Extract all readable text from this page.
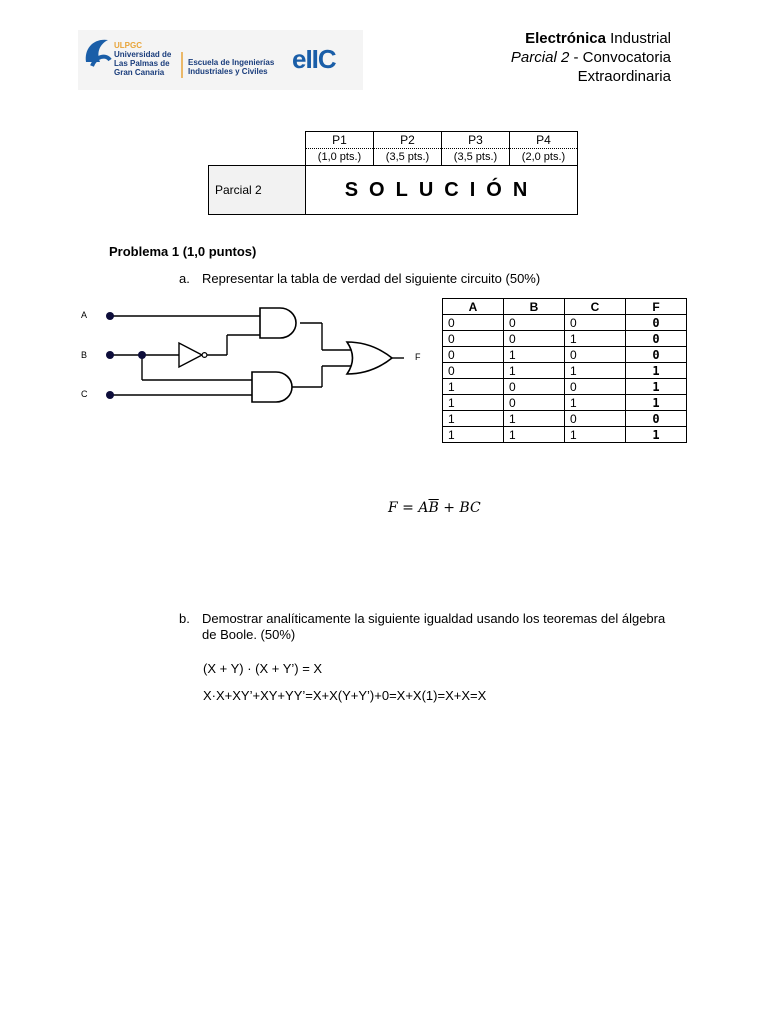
ULPGC
Universidad de
Las Palmas de
Gran Canaria
Escuela de Ingenierías
Industriales y Civiles eIIC
Electrónica Industrial
Parcial 2 - Convocatoria
Extraordinaria
	P1	P2	P3	P4
	(1,0 pts.)	(3,5 pts.)	(3,5 pts.)	(2,0 pts.)
Parcial 2	SOLUCIÓN			
Problema 1 (1,0 puntos)
a. Representar la tabla de verdad del siguiente circuito (50%)
A
B
C
F
A	B	C	F
0	0	0	0
0	0	1	0
0	1	0	0
0	1	1	1
1	0	0	1
1	0	1	1
1	1	0	0
1	1	1	1
$F = A\overline{B}$ + BC
b. Demostrar analíticamente la siguiente igualdad usando los teoremas del álgebra de Boole. (50%)
(X + Y) · (X + Y’) = X
X·X+XY’+XY+YY’=X+X(Y+Y’)+0=X+X(1)=X+X=X
